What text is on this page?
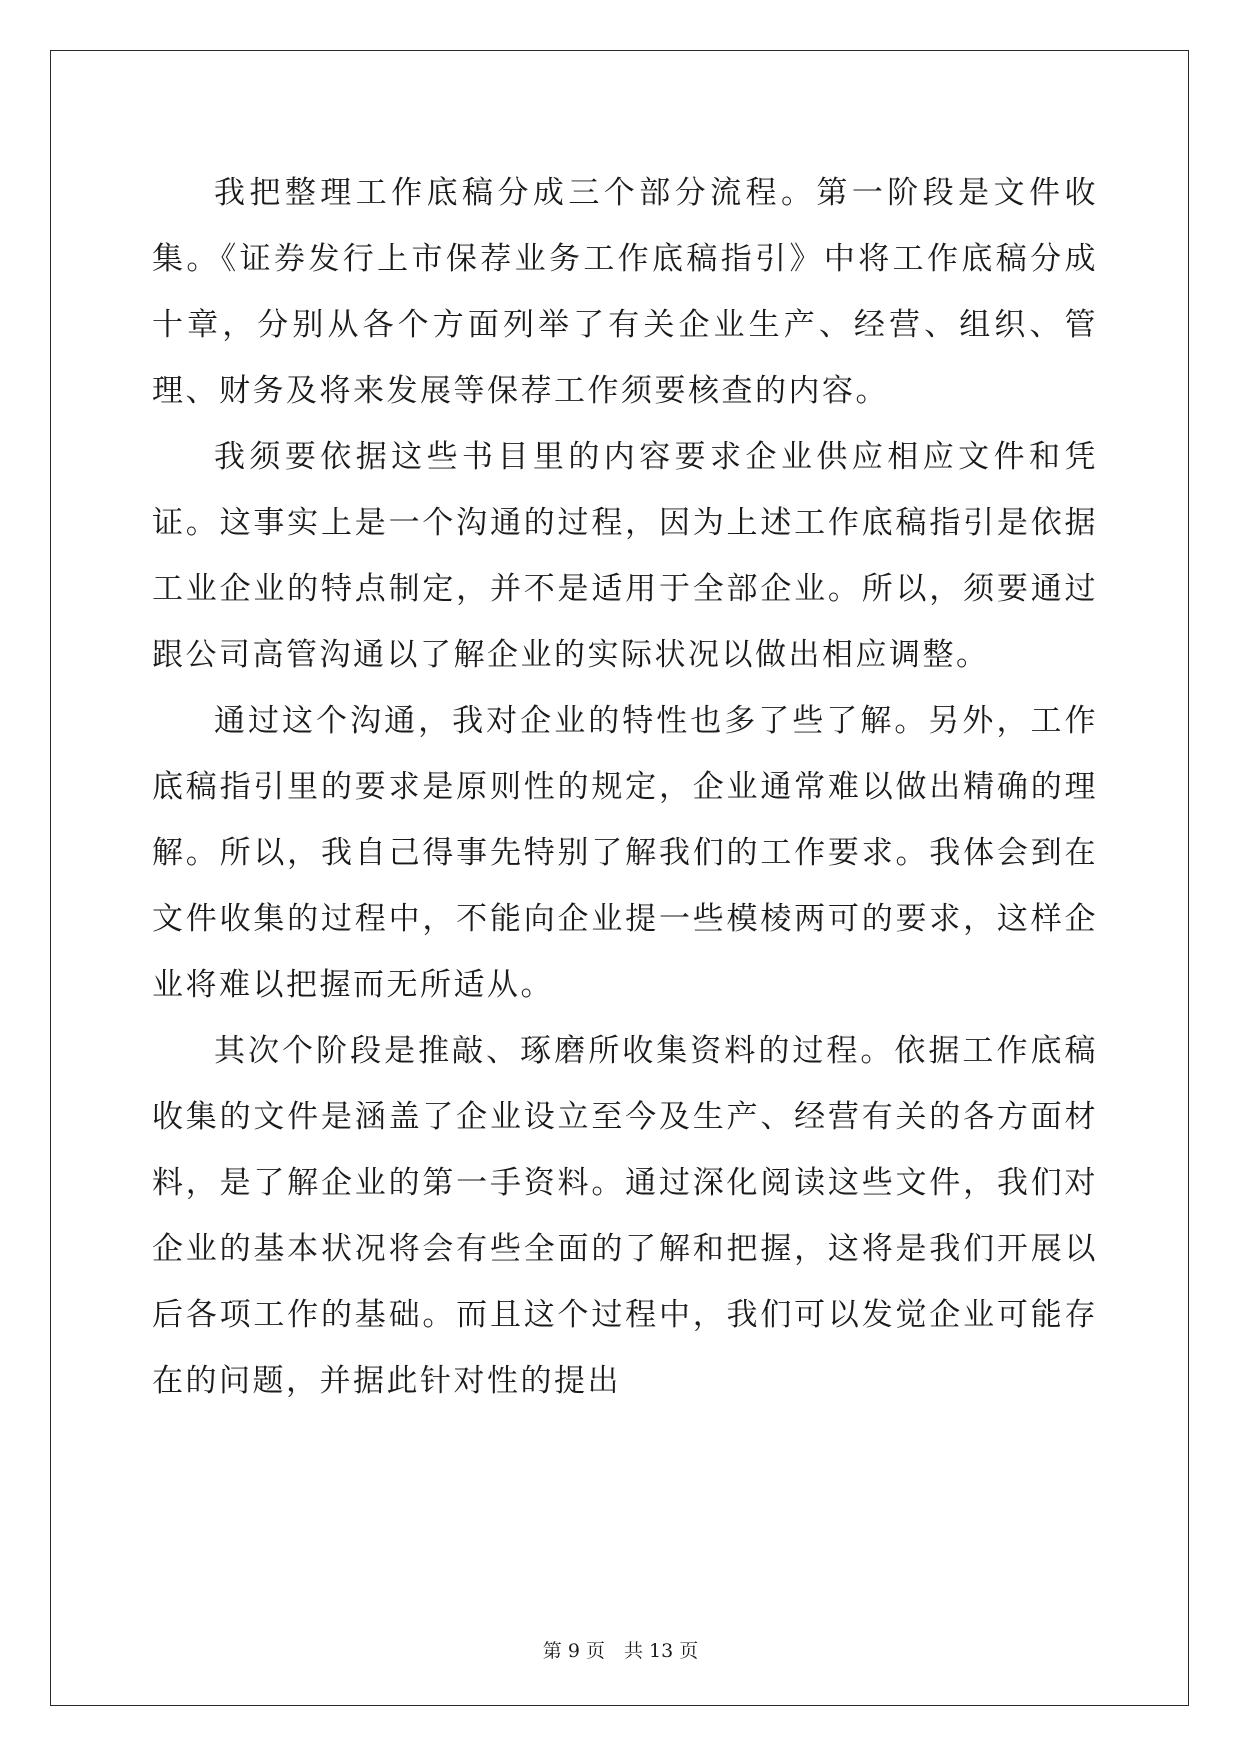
我把整理工作底稿分成三个部分流程。第一阶段是文件收集。《证券发行上市保荐业务工作底稿指引》中将工作底稿分成十章，分别从各个方面列举了有关企业生产、经营、组织、管理、财务及将来发展等保荐工作须要核查的内容。

我须要依据这些书目里的内容要求企业供应相应文件和凭证。这事实上是一个沟通的过程，因为上述工作底稿指引是依据工业企业的特点制定，并不是适用于全部企业。所以，须要通过跟公司高管沟通以了解企业的实际状况以做出相应调整。

通过这个沟通，我对企业的特性也多了些了解。另外，工作底稿指引里的要求是原则性的规定，企业通常难以做出精确的理解。所以，我自己得事先特别了解我们的工作要求。我体会到在文件收集的过程中，不能向企业提一些模棱两可的要求，这样企业将难以把握而无所适从。

其次个阶段是推敲、琢磨所收集资料的过程。依据工作底稿收集的文件是涵盖了企业设立至今及生产、经营有关的各方面材料，是了解企业的第一手资料。通过深化阅读这些文件，我们对企业的基本状况将会有些全面的了解和把握，这将是我们开展以后各项工作的基础。而且这个过程中，我们可以发觉企业可能存在的问题，并据此针对性的提出

第 9 页　共 13 页
